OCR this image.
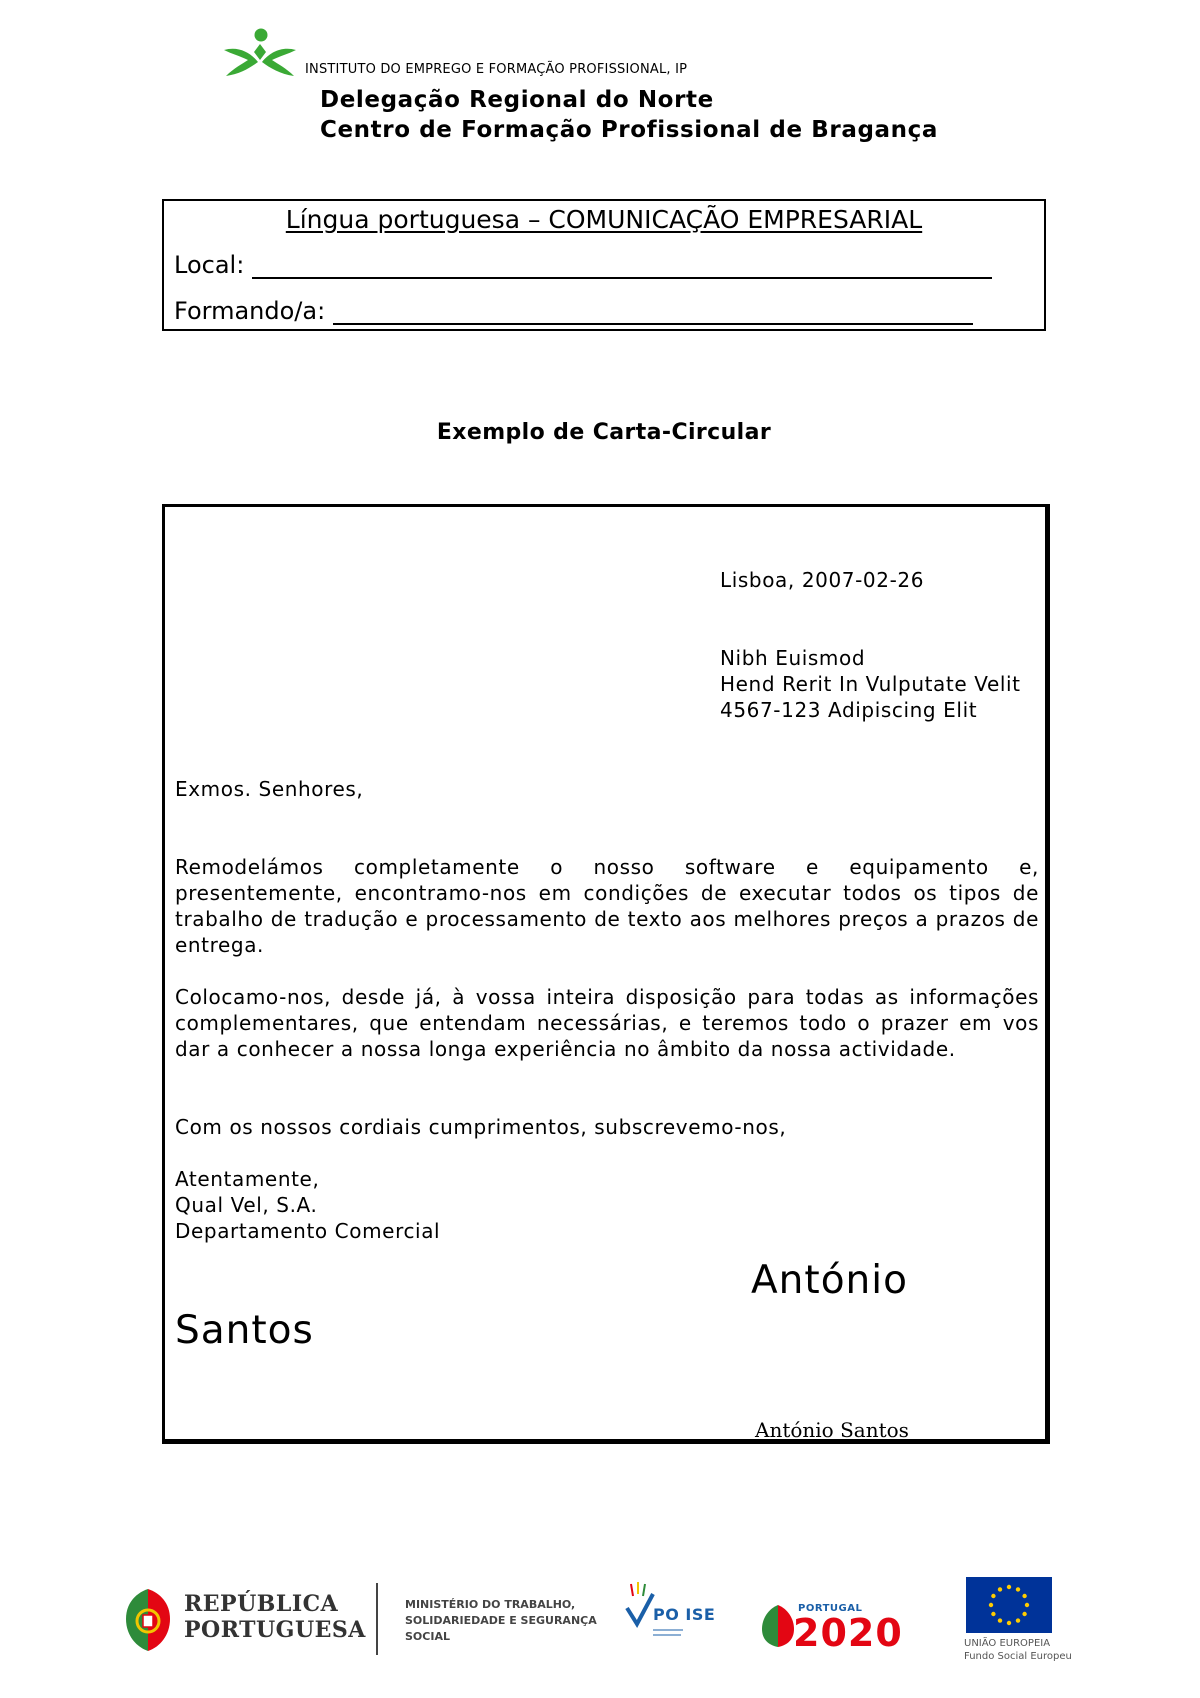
INSTITUTO DO EMPREGO E FORMAÇÃO PROFISSIONAL, IP
Delegação Regional do Norte
Centro de Formação Profissional de Bragança
Língua portuguesa – COMUNICAÇÃO EMPRESARIAL
Local:
Formando/a:
Exemplo de Carta-Circular
Lisboa, 2007-02-26
Nibh Euismod
Hend Rerit In Vulputate Velit
4567-123 Adipiscing Elit
Exmos. Senhores,
Remodelámos completamente o nosso software e equipamento e, presentemente, encontramo-nos em condições de executar todos os tipos de trabalho de tradução e processamento de texto aos melhores preços a prazos de entrega.
Colocamo-nos, desde já, à vossa inteira disposição para todas as informações complementares, que entendam necessárias, e teremos todo o prazer em vos dar a conhecer a nossa longa experiência no âmbito da nossa actividade.
Com os nossos cordiais cumprimentos, subscrevemo-nos,
Atentamente,
Qual Vel, S.A.
Departamento Comercial
António
Santos
António Santos
REPÚBLICA
PORTUGUESA
MINISTÉRIO DO TRABALHO,
SOLIDARIEDADE E SEGURANÇA
SOCIAL
PO ISE	PORTUGAL
2020	UNIÃO EUROPEIA
Fundo Social Europeu
